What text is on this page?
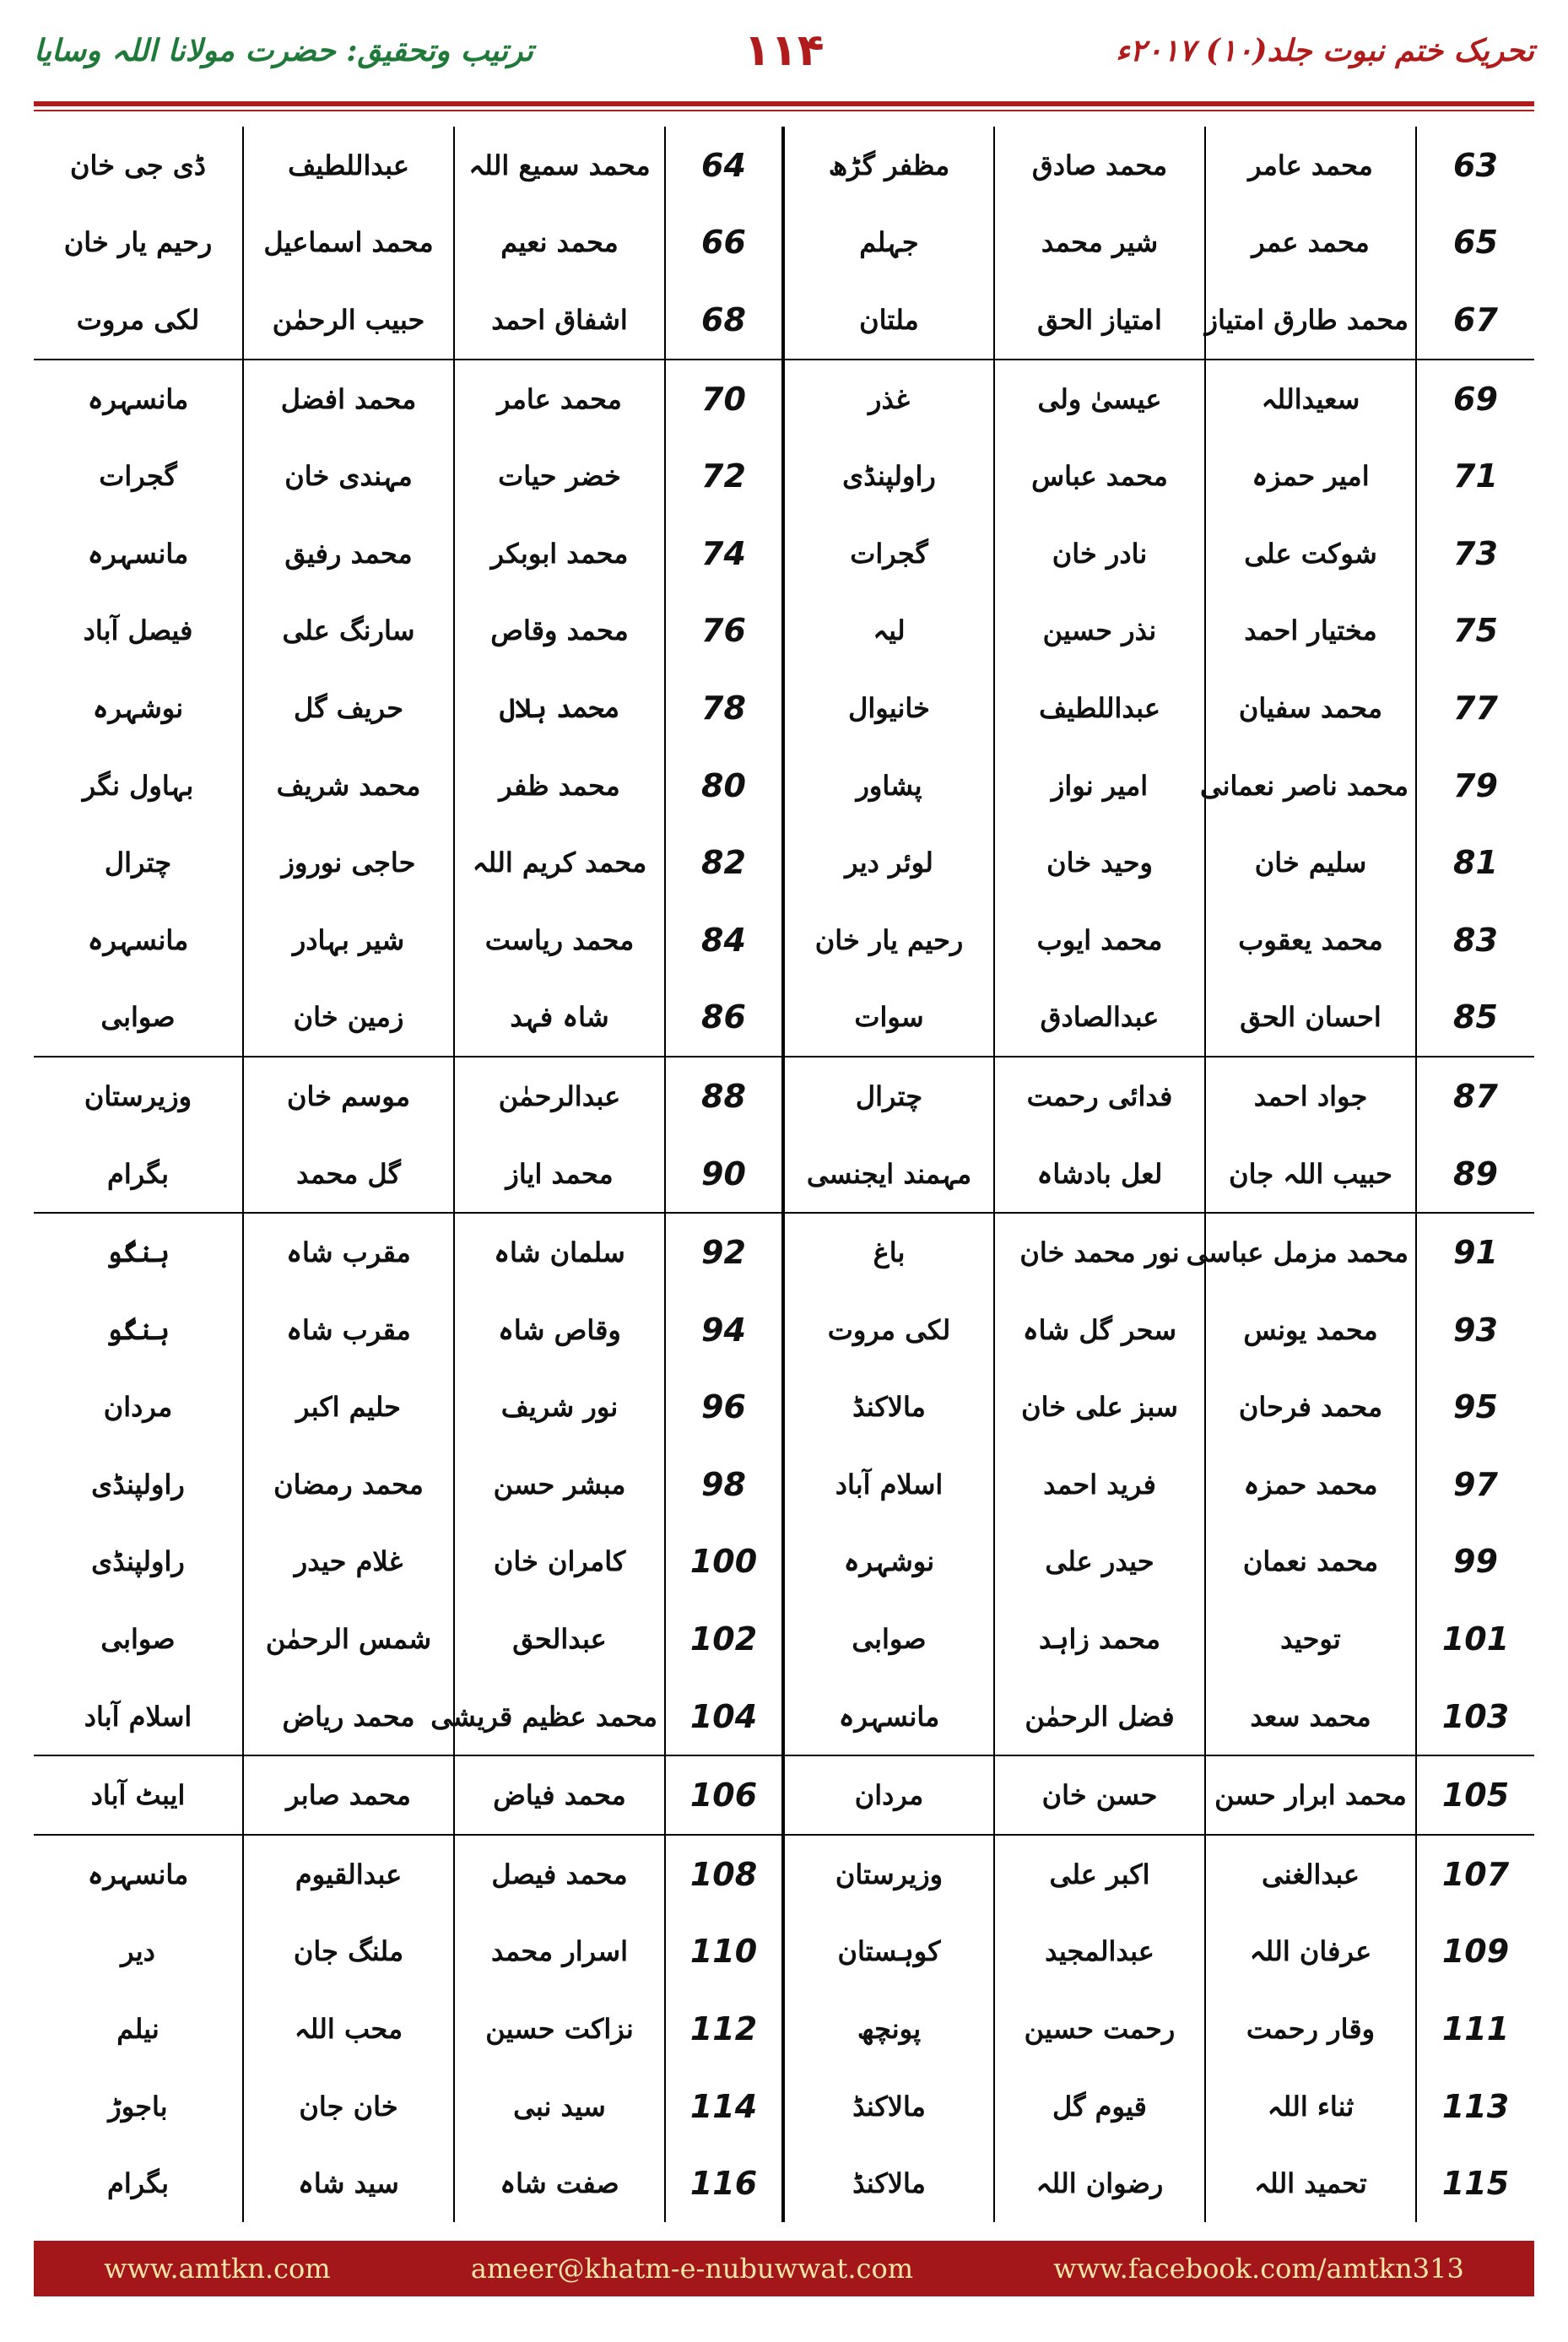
ترتیب وتحقیق: حضرت مولانا اللہ وسایا	۱۱۴	تحریک ختم نبوت جلد(۱۰) ۲۰۱۷ء
63	محمد عامر	محمد صادق	مظفر گڑھ	64	محمد سمیع اللہ	عبداللطیف	ڈی جی خان
65	محمد عمر	شیر محمد	جہلم	66	محمد نعیم	محمد اسماعیل	رحیم یار خان
67	محمد طارق امتیاز	امتیاز الحق	ملتان	68	اشفاق احمد	حبیب الرحمٰن	لکی مروت
69	سعیداللہ	عیسیٰ ولی	غذر	70	محمد عامر	محمد افضل	مانسہرہ
71	امیر حمزہ	محمد عباس	راولپنڈی	72	خضر حیات	مہندی خان	گجرات
73	شوکت علی	نادر خان	گجرات	74	محمد ابوبکر	محمد رفیق	مانسہرہ
75	مختیار احمد	نذر حسین	لیہ	76	محمد وقاص	سارنگ علی	فیصل آباد
77	محمد سفیان	عبداللطیف	خانیوال	78	محمد ہلال	حریف گل	نوشہرہ
79	محمد ناصر نعمانی	امیر نواز	پشاور	80	محمد ظفر	محمد شریف	بہاول نگر
81	سلیم خان	وحید خان	لوئر دیر	82	محمد کریم اللہ	حاجی نوروز	چترال
83	محمد یعقوب	محمد ایوب	رحیم یار خان	84	محمد ریاست	شیر بہادر	مانسہرہ
85	احسان الحق	عبدالصادق	سوات	86	شاہ فہد	زمین خان	صوابی
87	جواد احمد	فدائی رحمت	چترال	88	عبدالرحمٰن	موسم خان	وزیرستان
89	حبیب اللہ جان	لعل بادشاہ	مہمند ایجنسی	90	محمد ایاز	گل محمد	بگرام
91	محمد مزمل عباسی	نور محمد خان	باغ	92	سلمان شاہ	مقرب شاہ	ہنگو
93	محمد یونس	سحر گل شاہ	لکی مروت	94	وقاص شاہ	مقرب شاہ	ہنگو
95	محمد فرحان	سبز علی خان	مالاکنڈ	96	نور شریف	حلیم اکبر	مردان
97	محمد حمزہ	فرید احمد	اسلام آباد	98	مبشر حسن	محمد رمضان	راولپنڈی
99	محمد نعمان	حیدر علی	نوشہرہ	100	کامران خان	غلام حیدر	راولپنڈی
101	توحید	محمد زاہد	صوابی	102	عبدالحق	شمس الرحمٰن	صوابی
103	محمد سعد	فضل الرحمٰن	مانسہرہ	104	محمد عظیم قریشی	محمد ریاض	اسلام آباد
105	محمد ابرار حسن	حسن خان	مردان	106	محمد فیاض	محمد صابر	ایبٹ آباد
107	عبدالغنی	اکبر علی	وزیرستان	108	محمد فیصل	عبدالقیوم	مانسہرہ
109	عرفان اللہ	عبدالمجید	کوہستان	110	اسرار محمد	ملنگ جان	دیر
111	وقار رحمت	رحمت حسین	پونچھ	112	نزاکت حسین	محب اللہ	نیلم
113	ثناء اللہ	قیوم گل	مالاکنڈ	114	سید نبی	خان جان	باجوڑ
115	تحمید اللہ	رضوان اللہ	مالاکنڈ	116	صفت شاہ	سید شاہ	بگرام
www.amtkn.com	ameer@khatm-e-nubuwwat.com	www.facebook.com/amtkn313
